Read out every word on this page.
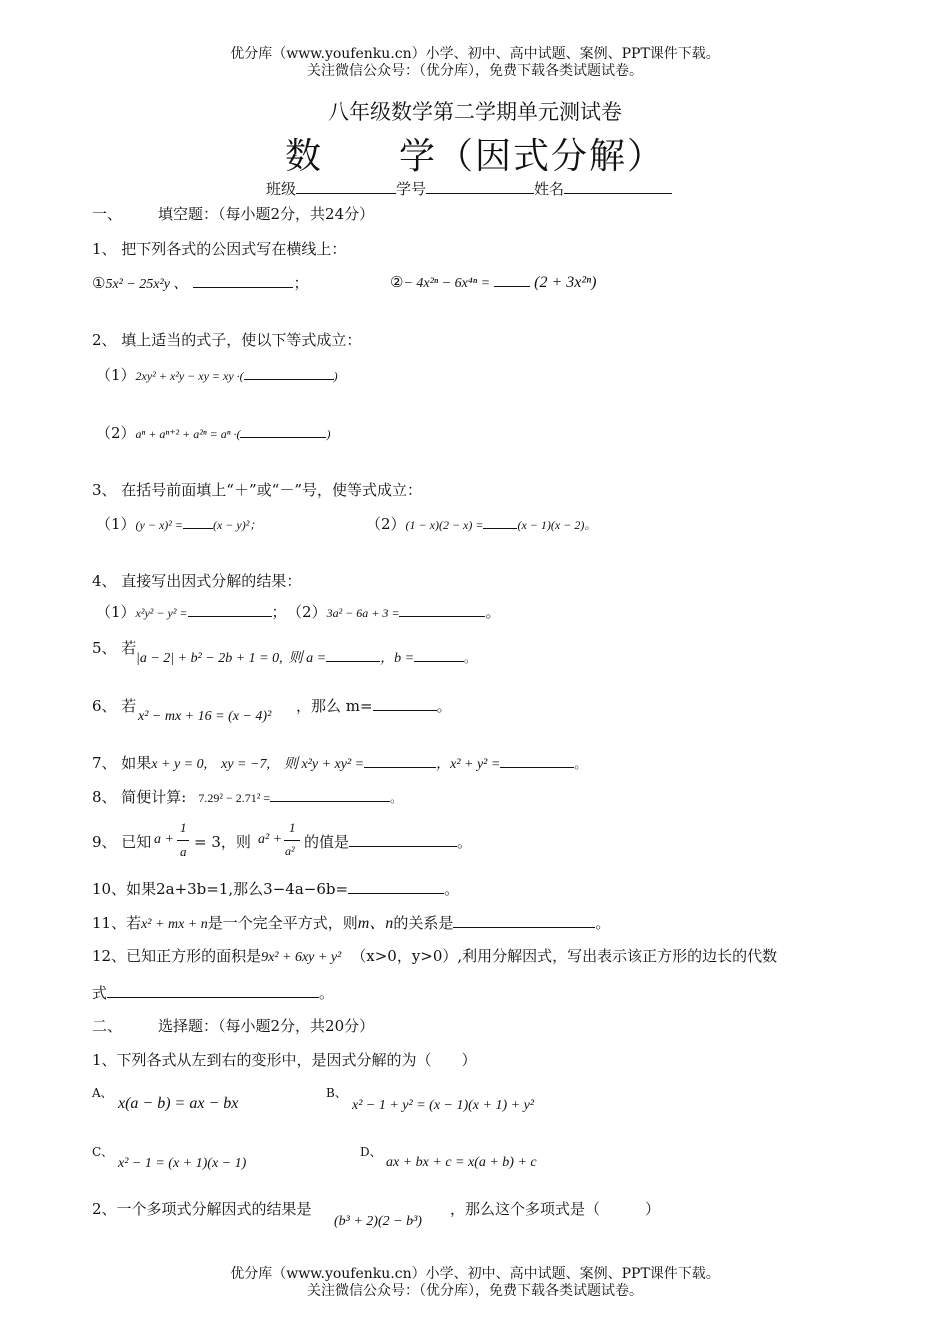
优分库（www.youfenku.cn）小学、初中、高中试题、案例、PPT课件下载。
关注微信公众号：（优分库），免费下载各类试题试卷。
八年级数学第二学期单元测试卷
数　　学（因式分解）
班级	学号	姓名
一、 填空题：（每小题2分，共24分）
1、 把下列各式的公因式写在横线上：
①5x² − 25x²y 、	；	②− 4x²ⁿ − 6x⁴ⁿ =	(2 + 3x²ⁿ)
2、 填上适当的式子，使以下等式成立：
（1）2xy² + x²y − xy = xy ·(	)
（2）aⁿ + aⁿ⁺² + a²ⁿ = aⁿ ·(	)
3、 在括号前面填上“＋”或“－”号，使等式成立：
（1）(y − x)² =	(x − y)²；	（2）(1 − x)(2 − x) =	(x − 1)(x − 2)。
4、 直接写出因式分解的结果：
（1）x²y² − y² =	； （2）3a² − 6a + 3 =	。
5、 若
|a − 2| + b² − 2b + 1 = 0, 则 a =	，b =	。
6、 若
x² − mx + 16 = (x − 4)²
，那么 m=	。
7、 如果x + y = 0,　xy = −7,　则 x²y + xy² =	，x² + y² =	。
8、 简便计算: 7.29² − 2.71² =	。
9、 已知 a +
1
a
= 3，则 a² +
1
a² 的值是	。
10、如果2a+3b=1,那么3−4a−6b=	。
11、若x² + mx + n是一个完全平方式，则m、n的关系是	。
12、已知正方形的面积是9x² + 6xy + y² （x>0，y>0）,利用分解因式，写出表示该正方形的边长的代数
式	。
二、 选择题：（每小题2分，共20分）
1、下列各式从左到右的变形中，是因式分解的为（　　）
A、
x(a − b) = ax − bx
B、
x² − 1 + y² = (x − 1)(x + 1) + y²
C、
x² − 1 = (x + 1)(x − 1)
D、
ax + bx + c = x(a + b) + c
2、一个多项式分解因式的结果是
(b³ + 2)(2 − b³)
，那么这个多项式是（　　　）
优分库（www.youfenku.cn）小学、初中、高中试题、案例、PPT课件下载。
关注微信公众号：（优分库），免费下载各类试题试卷。
